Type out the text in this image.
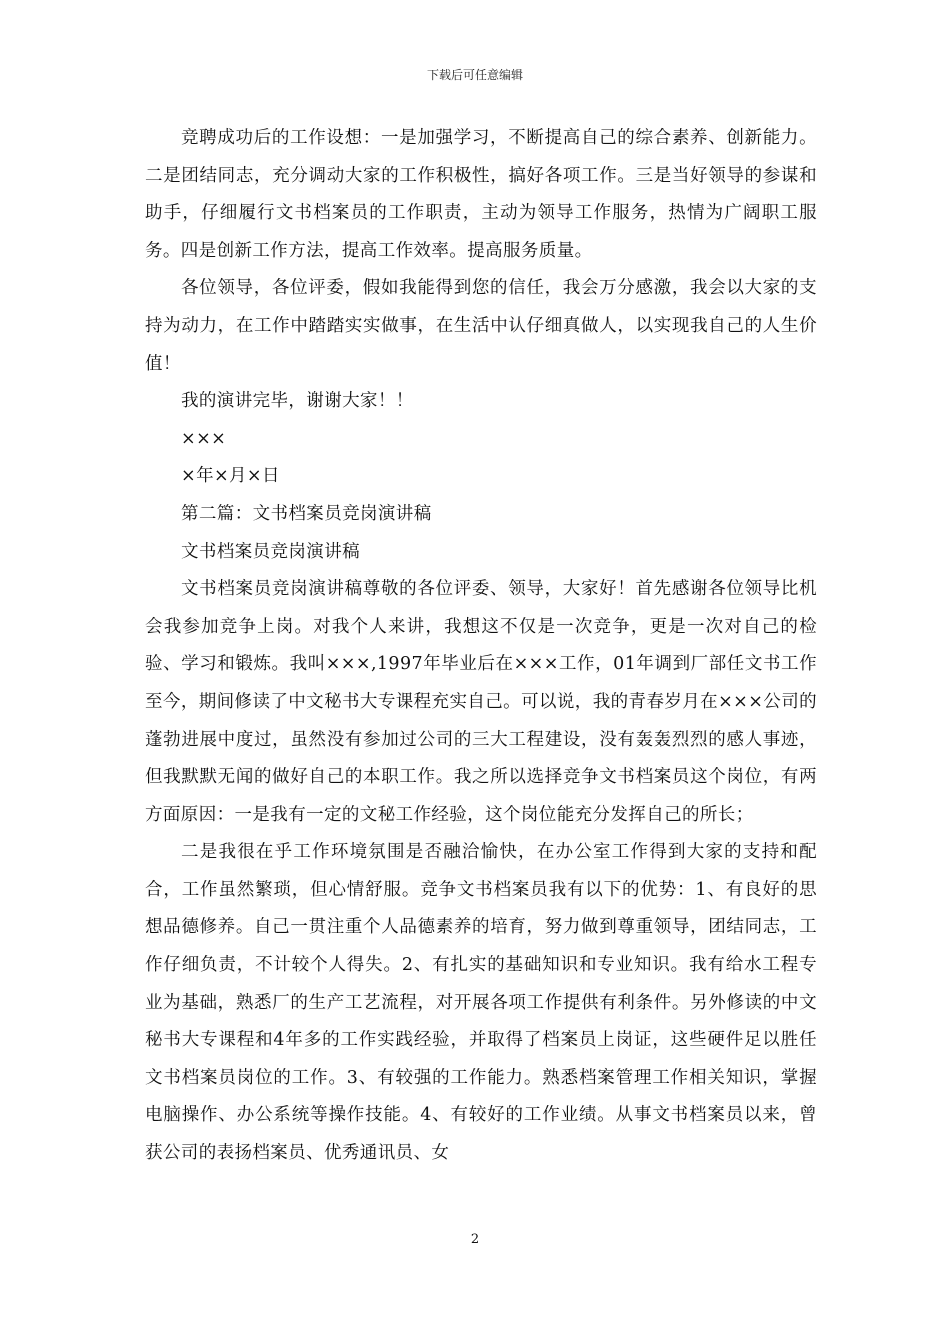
下载后可任意编辑

竞聘成功后的工作设想：一是加强学习，不断提高自己的综合素养、创新能力。二是团结同志，充分调动大家的工作积极性，搞好各项工作。三是当好领导的参谋和助手，仔细履行文书档案员的工作职责，主动为领导工作服务，热情为广阔职工服务。四是创新工作方法，提高工作效率。提高服务质量。

各位领导，各位评委，假如我能得到您的信任，我会万分感激，我会以大家的支持为动力，在工作中踏踏实实做事，在生活中认仔细真做人，以实现我自己的人生价值！

我的演讲完毕，谢谢大家！！

×××

×年×月×日

第二篇：文书档案员竞岗演讲稿

文书档案员竞岗演讲稿

文书档案员竞岗演讲稿尊敬的各位评委、领导，大家好！首先感谢各位领导比机会我参加竞争上岗。对我个人来讲，我想这不仅是一次竞争，更是一次对自己的检验、学习和锻炼。我叫×××,1997年毕业后在×××工作，01年调到厂部任文书工作至今，期间修读了中文秘书大专课程充实自己。可以说，我的青春岁月在×××公司的蓬勃进展中度过，虽然没有参加过公司的三大工程建设，没有轰轰烈烈的感人事迹，但我默默无闻的做好自己的本职工作。我之所以选择竞争文书档案员这个岗位，有两方面原因：一是我有一定的文秘工作经验，这个岗位能充分发挥自己的所长；

二是我很在乎工作环境氛围是否融洽愉快，在办公室工作得到大家的支持和配合，工作虽然繁琐，但心情舒服。竞争文书档案员我有以下的优势：1、有良好的思想品德修养。自己一贯注重个人品德素养的培育，努力做到尊重领导，团结同志，工作仔细负责，不计较个人得失。2、有扎实的基础知识和专业知识。我有给水工程专业为基础，熟悉厂的生产工艺流程，对开展各项工作提供有利条件。另外修读的中文秘书大专课程和4年多的工作实践经验，并取得了档案员上岗证，这些硬件足以胜任文书档案员岗位的工作。3、有较强的工作能力。熟悉档案管理工作相关知识，掌握电脑操作、办公系统等操作技能。4、有较好的工作业绩。从事文书档案员以来，曾获公司的表扬档案员、优秀通讯员、女

2
